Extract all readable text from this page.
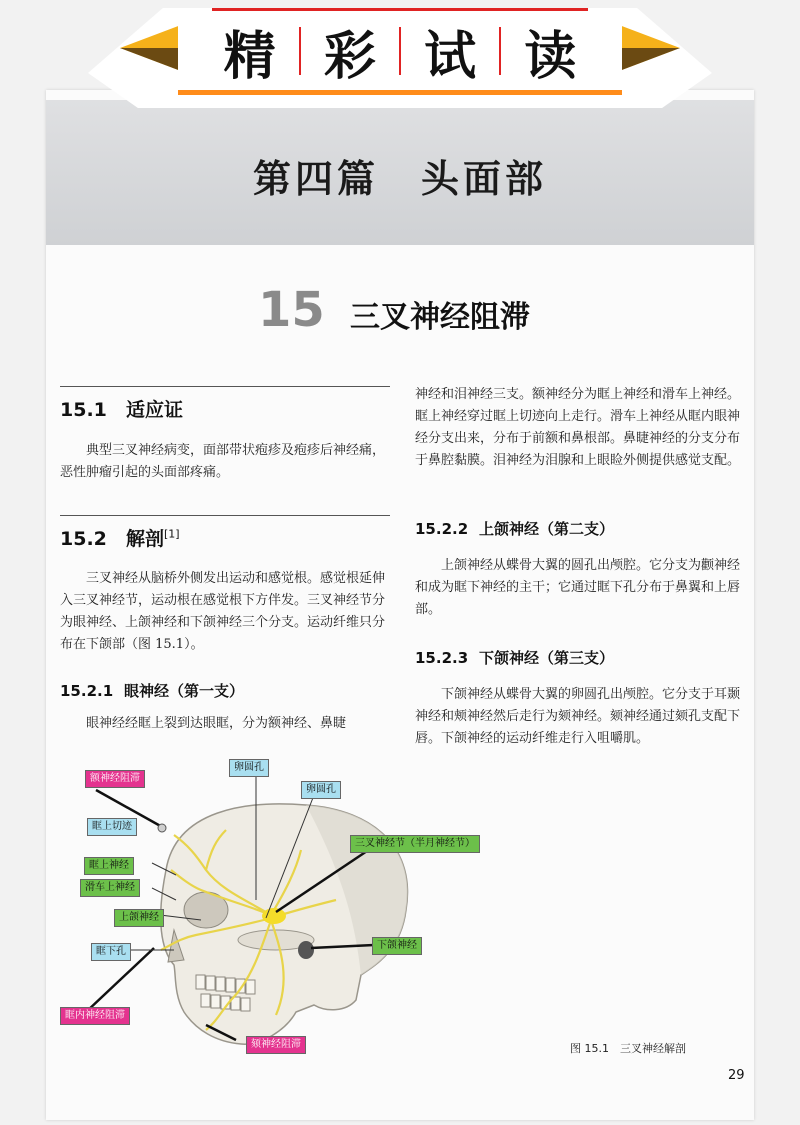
第四篇　头面部
精 彩 试 读
15 三叉神经阻滞
15.1 适应证
典型三叉神经病变，面部带状疱疹及疱疹后神经痛，恶性肿瘤引起的头面部疼痛。
15.2 解剖[1]
三叉神经从脑桥外侧发出运动和感觉根。感觉根延伸入三叉神经节，运动根在感觉根下方伴发。三叉神经节分为眼神经、上颌神经和下颌神经三个分支。运动纤维只分布在下颌部（图 15.1）。
15.2.1 眼神经（第一支）
眼神经经眶上裂到达眼眶，分为额神经、鼻睫
神经和泪神经三支。额神经分为眶上神经和滑车上神经。眶上神经穿过眶上切迹向上走行。滑车上神经从眶内眼神经分支出来，分布于前额和鼻根部。鼻睫神经的分支分布于鼻腔黏膜。泪神经为泪腺和上眼睑外侧提供感觉支配。
15.2.2 上颌神经（第二支）
上颌神经从蝶骨大翼的圆孔出颅腔。它分支为颧神经和成为眶下神经的主干；它通过眶下孔分布于鼻翼和上唇部。
15.2.3 下颌神经（第三支）
下颌神经从蝶骨大翼的卵圆孔出颅腔。它分支于耳颞神经和颊神经然后走行为颏神经。颏神经通过颏孔支配下唇。下颌神经的运动纤维走行入咀嚼肌。
额神经阻滞
卵圆孔
卵圆孔
眶上切迹
三叉神经节（半月神经节）
眶上神经
滑车上神经
上颌神经
下颌神经
眶下孔
眶内神经阻滞
颏神经阻滞	图 15.1　三叉神经解剖
29
